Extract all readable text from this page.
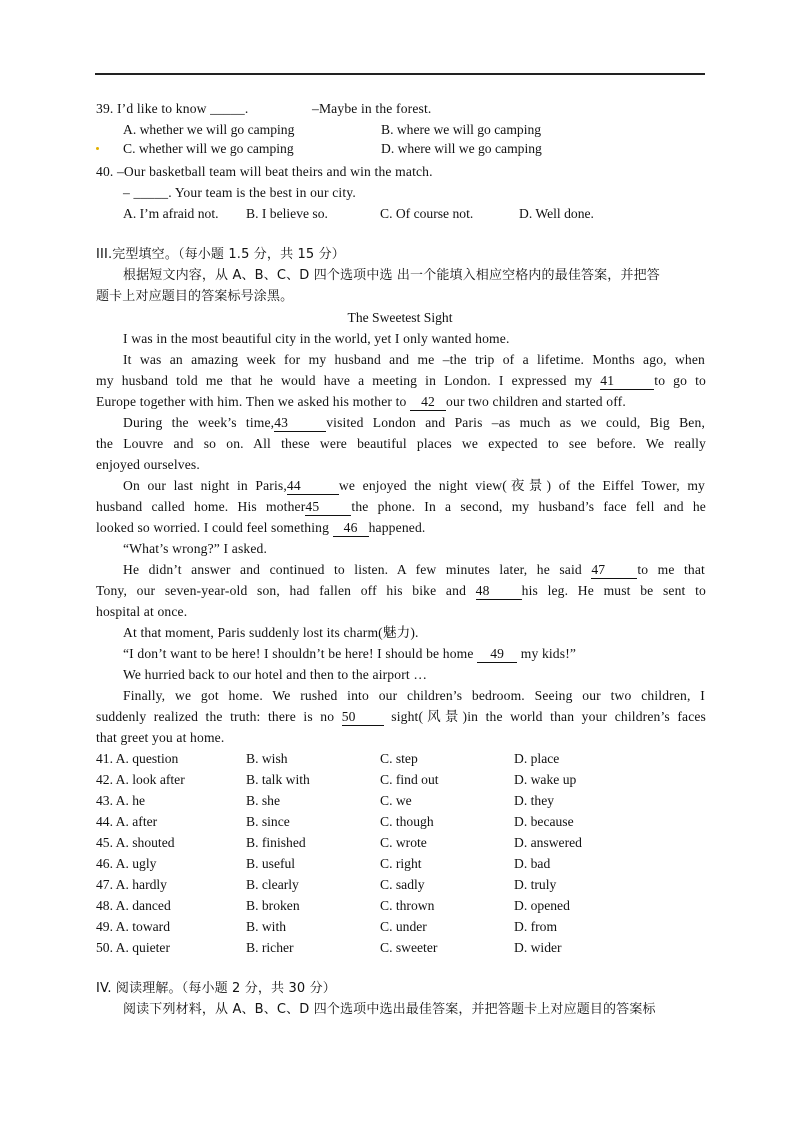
39. I’d like to know _____.	–Maybe in the forest.
A. whether we will go camping	B. where we will go camping
C. whether will we go camping	D. where will we go camping
40. –Our basketball team will beat theirs and win the match.
– _____. Your team is the best in our city.
A. I’m afraid not. B. I believe so.	C. Of course not.	D. Well done.
III.完型填空。（每小题 1.5 分，共 15 分）
根据短文内容，从 A、B、C、D 四个选项中选 出一个能填入相应空格内的最佳答案，并把答
题卡上对应题目的答案标号涂黑。
The Sweetest Sight
I was in the most beautiful city in the world, yet I only wanted home.
It was an amazing week for my husband and me –the trip of a lifetime. Months ago, when
my husband told me that he would have a meeting in London. I expressed my 41	to go to
Europe together with him. Then we asked his mother to 42 our two children and started off.
During the week’s time,43	visited London and Paris –as much as we could, Big Ben,
the Louvre and so on. All these were beautiful places we expected to see before. We really
enjoyed ourselves.
On our last night in Paris,44	we enjoyed the night view(夜景) of the Eiffel Tower, my
husband called home. His mother45 the phone. In a second, my husband’s face fell and he
looked so worried. I could feel something 46 happened.
“What’s wrong?” I asked.
He didn’t answer and continued to listen. A few minutes later, he said 47 to me that
Tony, our seven-year-old son, had fallen off his bike and 48 his leg. He must be sent to
hospital at once.
At that moment, Paris suddenly lost its charm(魅力).
“I don’t want to be here! I shouldn’t be here! I should be home 49 my kids!”
We hurried back to our hotel and then to the airport …
Finally, we got home. We rushed into our children’s bedroom. Seeing our two children, I
suddenly realized the truth: there is no 50	sight(风景)in the world than your children’s faces
that greet you at home.
41. A. question	B. wish	C. step	D. place
42. A. look after	B. talk with	C. find out	D. wake up
43. A. he	B. she	C. we	D. they
44. A. after	B. since	C. though	D. because
45. A. shouted	B. finished	C. wrote	D. answered
46. A. ugly	B. useful	C. right	D. bad
47. A. hardly	B. clearly	C. sadly	D. truly
48. A. danced	B. broken	C. thrown	D. opened
49. A. toward	B. with	C. under	D. from
50. A. quieter	B. richer	C. sweeter	D. wider
IV. 阅读理解。（每小题 2 分，共 30 分）
阅读下列材料，从 A、B、C、D 四个选项中选出最佳答案，并把答题卡上对应题目的答案标
